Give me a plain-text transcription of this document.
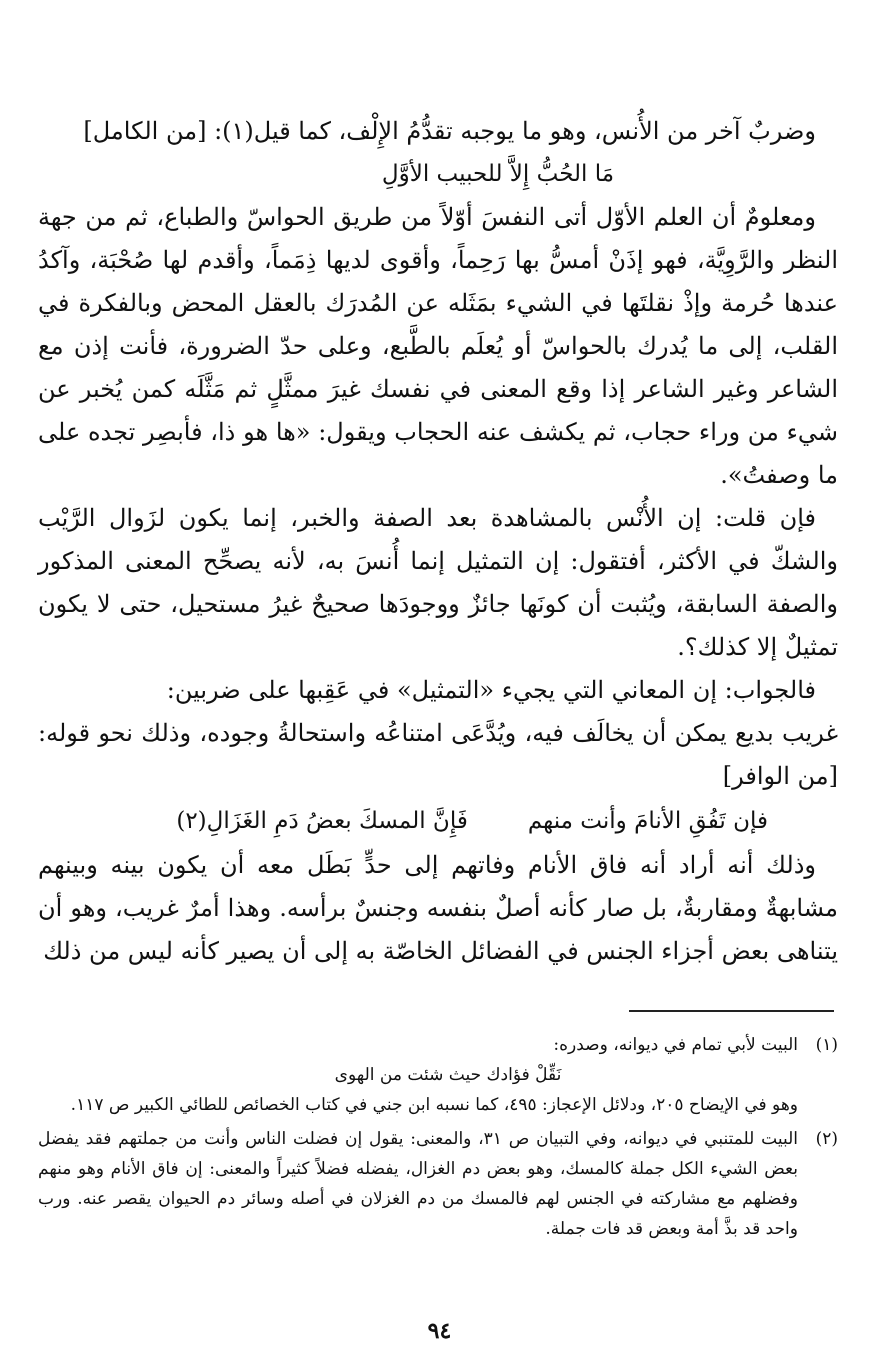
وضربٌ آخر من الأُنس، وهو ما يوجبه تقدُّمُ الإِلْف، كما قيل(١): [من الكامل]

مَا الحُبُّ إِلاَّ للحبيب الأوَّلِ

ومعلومٌ أن العلم الأوّل أتى النفسَ أوّلاً من طريق الحواسّ والطباع، ثم من جهة النظر والرَّوِيَّة، فهو إذَنْ أمسُّ بها رَحِماً، وأقوى لديها ذِمَماً، وأقدم لها صُحْبَة، وآكدُ عندها حُرمة وإذْ نقلتَها في الشيء بمَثَله عن المُدرَك بالعقل المحض وبالفكرة في القلب، إلى ما يُدرك بالحواسّ أو يُعلَم بالطَّبع، وعلى حدّ الضرورة، فأنت إذن مع الشاعر وغير الشاعر إذا وقع المعنى في نفسك غيرَ ممثَّلٍ ثم مَثَّلَه كمن يُخبر عن شيء من وراء حجاب، ثم يكشف عنه الحجاب ويقول: «ها هو ذا، فأبصِر تجده على ما وصفتُ».

فإن قلت: إن الأُنْس بالمشاهدة بعد الصفة والخبر، إنما يكون لزَوال الرَّيْب والشكّ في الأكثر، أفتقول: إن التمثيل إنما أُنسَ به، لأنه يصحِّح المعنى المذكور والصفة السابقة، ويُثبت أن كونَها جائزٌ ووجودَها صحيحٌ غيرُ مستحيل، حتى لا يكون تمثيلٌ إلا كذلك؟.

فالجواب: إن المعاني التي يجيء «التمثيل» في عَقِبها على ضربين:

غريب بديع يمكن أن يخالَف فيه، ويُدَّعَى امتناعُه واستحالةُ وجوده، وذلك نحو قوله: [من الوافر]

فإن تَفُقِ الأنامَ وأنت منهم
فَإِنَّ المسكَ بعضُ دَمِ الغَزَالِ(٢)

وذلك أنه أراد أنه فاق الأنام وفاتهم إلى حدٍّ بَطَل معه أن يكون بينه وبينهم مشابهةٌ ومقاربةٌ، بل صار كأنه أصلٌ بنفسه وجنسٌ برأسه. وهذا أمرٌ غريب، وهو أن يتناهى بعض أجزاء الجنس في الفضائل الخاصّة به إلى أن يصير كأنه ليس من ذلك

(١)

البيت لأبي تمام في ديوانه، وصدره:

نَقِّلْ فؤادك حيث شئت من الهوى

وهو في الإيضاح ٢٠٥، ودلائل الإعجاز: ٤٩٥، كما نسبه ابن جني في كتاب الخصائص للطائي الكبير ص ١١٧.

(٢)

البيت للمتنبي في ديوانه، وفي التبيان ص ٣١، والمعنى: يقول إن فضلت الناس وأنت من جملتهم فقد يفضل بعض الشيء الكل جملة كالمسك، وهو بعض دم الغزال، يفضله فضلاً كثيراً والمعنى: إن فاق الأنام وهو منهم وفضلهم مع مشاركته في الجنس لهم فالمسك من دم الغزلان في أصله وسائر دم الحيوان يقصر عنه. ورب واحد قد بذَّ أمة وبعض قد فات جملة.

٩٤
